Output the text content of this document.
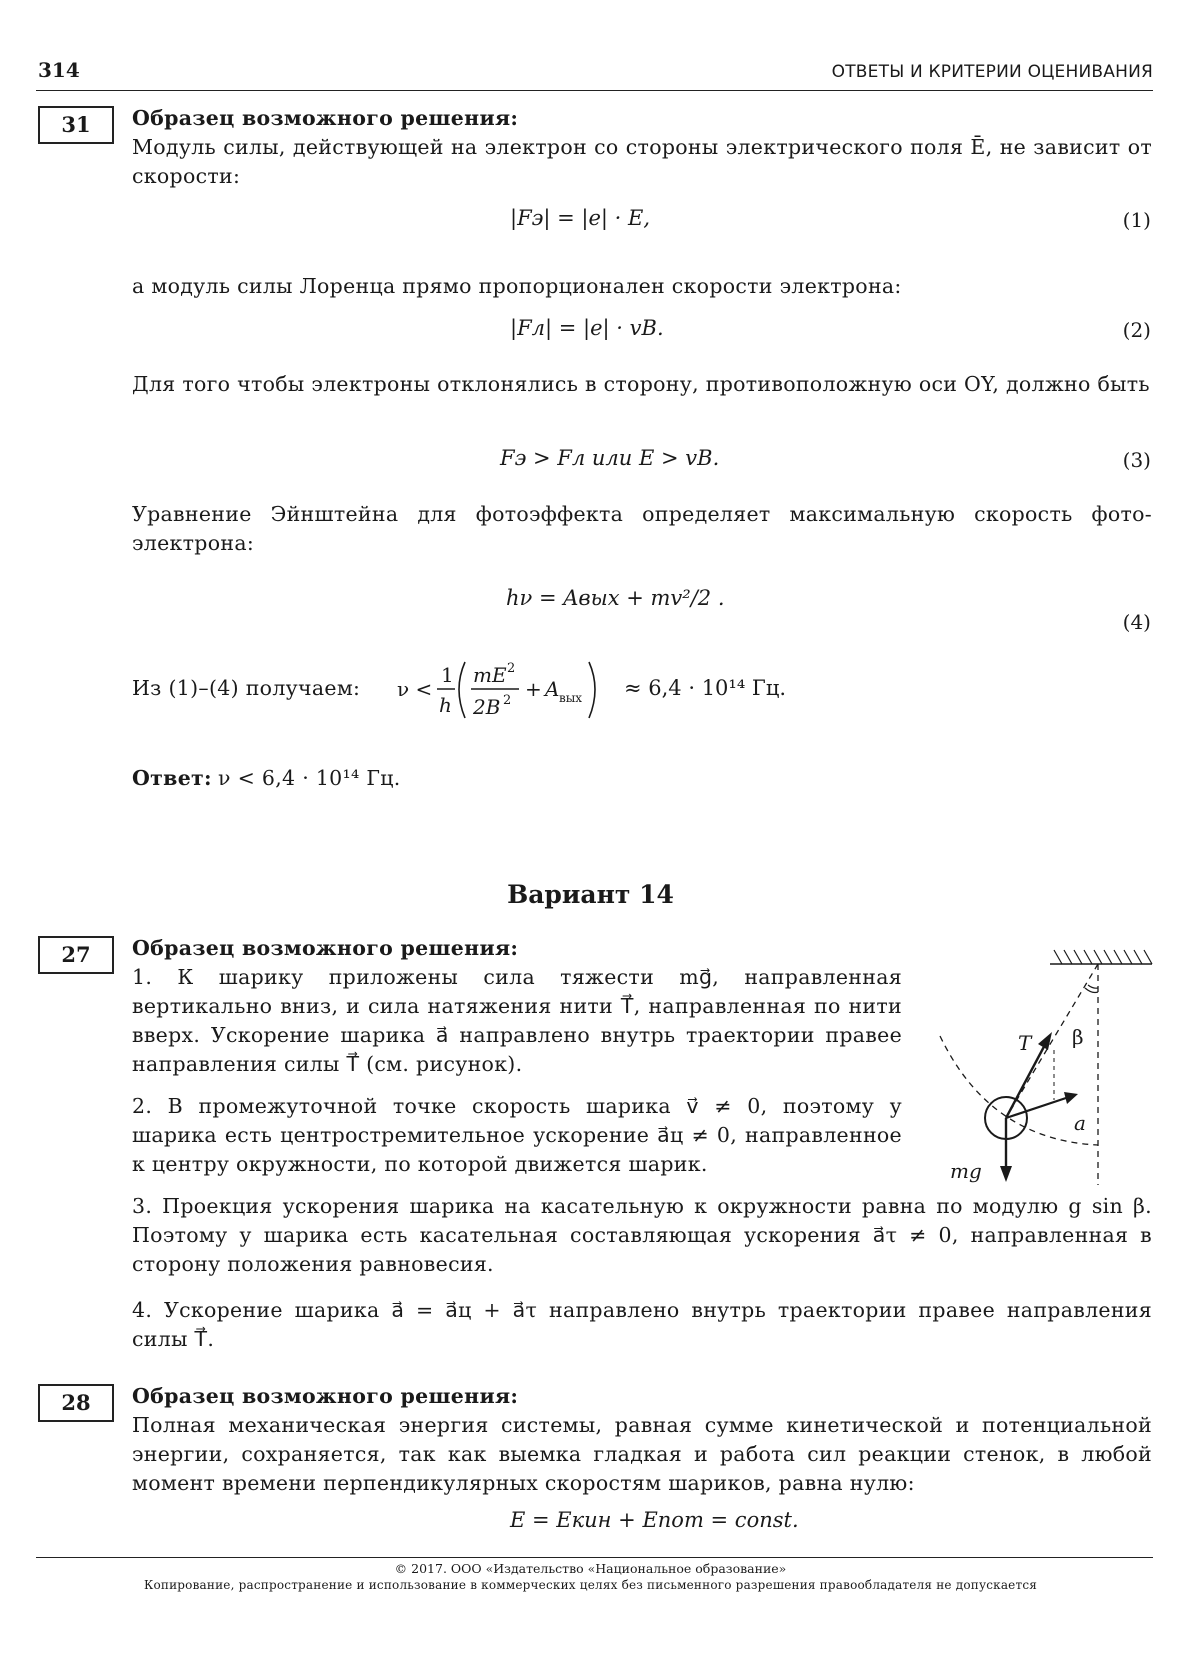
314	ОТВЕТЫ И КРИТЕРИИ ОЦЕНИВАНИЯ
31	Образец возможного решения:
Модуль силы, действующей на электрон со стороны электрического поля Ē, не зависит от скорости:
|Fэ| = |e| · E,	(1)
а модуль силы Лоренца прямо пропорционален скорости электрона:
|Fл| = |e| · vB.	(2)
Для того чтобы электроны отклонялись в сторону, противоположную оси OY, должно быть
Fэ > Fл или E > vB.	(3)
Уравнение Эйнштейна для фотоэффекта определяет максимальную скорость фото-электрона:
hν = Aвых + mv²/2 .
(4)
Из (1)–(4) получаем:	ν <
1
h
mE 2
2B 2 + A вых ≈ 6,4 · 10¹⁴ Гц.
Ответ: ν < 6,4 · 10¹⁴ Гц.
Вариант 14
27	Образец возможного решения:
1. К шарику приложены сила тяжести mg⃗, направленная вертикально вниз, и сила натяжения нити T⃗, направленная по нити вверх. Ускорение шарика a⃗ направлено внутрь траектории правее направления силы T⃗ (см. рисунок).
2. В промежуточной точке скорость шарика v⃗ ≠ 0, поэтому у шарика есть центростремительное ускорение a⃗ц ≠ 0, направленное к центру окружности, по которой движется шарик.
3. Проекция ускорения шарика на касательную к окружности равна по модулю g sin β. Поэтому у шарика есть касательная составляющая ускорения a⃗τ ≠ 0, направленная в сторону положения равновесия.
4. Ускорение шарика a⃗ = a⃗ц + a⃗τ направлено внутрь траектории правее направления силы T⃗.
T β
a
mg
28	Образец возможного решения:
Полная механическая энергия системы, равная сумме кинетической и потенциальной энергии, сохраняется, так как выемка гладкая и работа сил реакции стенок, в любой момент времени перпендикулярных скоростям шариков, равна нулю:
E = Eкин + Eпот = const.
© 2017. ООО «Издательство «Национальное образование»
Копирование, распространение и использование в коммерческих целях без письменного разрешения правообладателя не допускается
